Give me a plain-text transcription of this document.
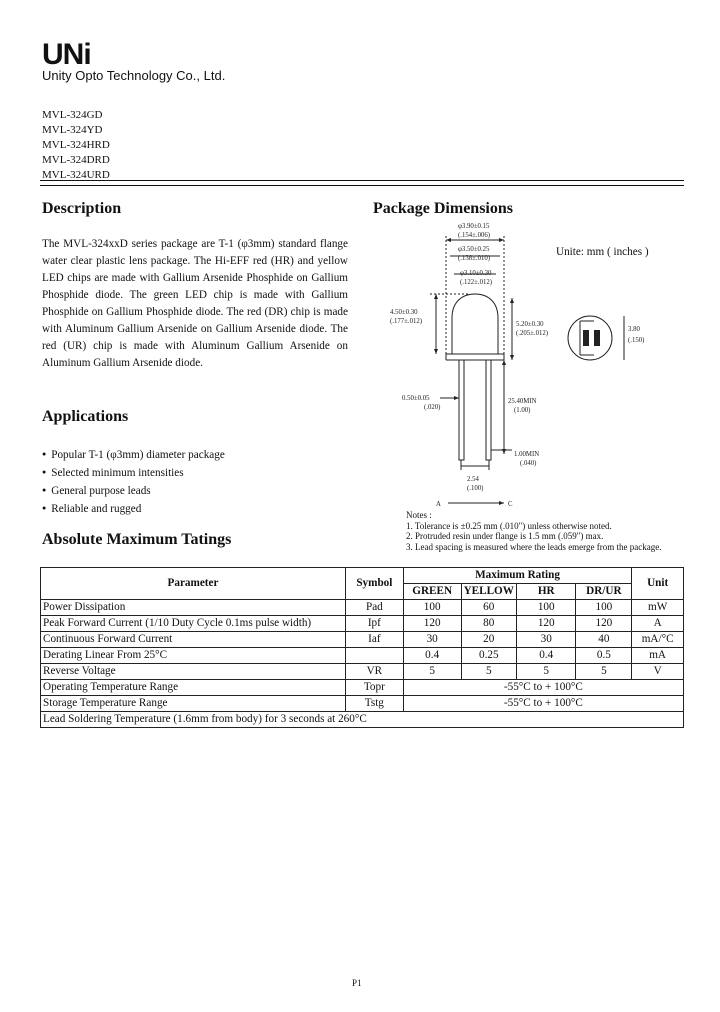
UNi
Unity Opto Technology Co., Ltd.
MVL-324GD
MVL-324YD
MVL-324HRD
MVL-324DRD
MVL-324URD
Description
The MVL-324xxD series package are T-1 (φ3mm) standard flange water clear plastic lens package. The Hi-EFF red (HR) and yellow LED chips are made with Gallium Arsenide Phosphide on Gallium Phosphide diode. The green LED chip is made with Gallium Phosphide on Gallium Phosphide diode. The red (DR) chip is made with Aluminum Gallium Arsenide on Gallium Arsenide diode. The red (UR) chip is made with Aluminum Gallium Arsenide on Aluminum Gallium Arsenide diode.
Applications
● Popular T-1 (φ3mm) diameter package
● Selected minimum intensities
● General purpose leads
● Reliable and rugged
Absolute Maximum Tatings
Package Dimensions
Unite: mm ( inches )
φ3.90±0.15
(.154±.006)
φ3.50±0.25
(.138±.010)
φ3.10±0.30
(.122±.012)
4.50±0.30
(.177±.012)	5.20±0.30
(.205±.012)
0.50±0.05
(.020)
25.40MIN
(1.00)
1.00MIN
(.040)
2.54
(.100)
A	C
3.80
(.150)
Notes :
1. Tolerance is ±0.25 mm (.010") unless otherwise noted.
2. Protruded resin under flange is 1.5 mm (.059") max.
3. Lead spacing is measured where the leads emerge from the package.
Parameter	Symbol	Maximum Rating				Unit
		GREEN	YELLOW	HR	DR/UR	
Power Dissipation	Pad	100	60	100	100	mW
Peak Forward Current (1/10 Duty Cycle 0.1ms pulse width)	Ipf	120	80	120	120	A
Continuous Forward Current	Iaf	30	20	30	40	mA/°C
Derating Linear From 25°C		0.4	0.25	0.4	0.5	mA
Reverse Voltage	VR	5	5	5	5	V
Operating Temperature Range	Topr	-55°C to + 100°C				
Storage Temperature Range	Tstg	-55°C to + 100°C				
Lead Soldering Temperature (1.6mm from body) for 3 seconds at 260°C						
P1
